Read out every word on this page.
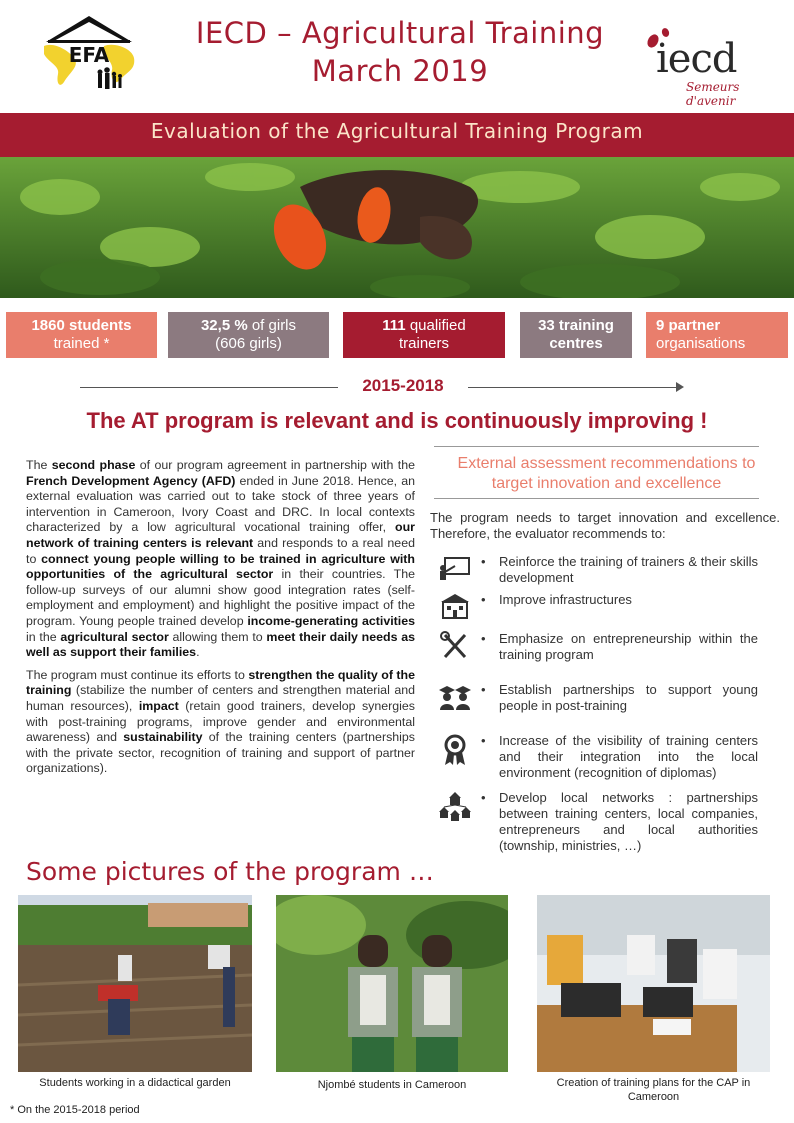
EFA
IECD – Agricultural Training
March 2019	iecd
Semeurs d'avenir
Evaluation of the Agricultural Training Program
1860 students
trained *
32,5 % of girls
(606 girls)
111 qualified
trainers
33 training
centres
9 partner
organisations
2015-2018
The AT program is relevant and is continuously improving !

The second phase of our program agreement in partnership with the French Development Agency (AFD) ended in June 2018. Hence, an external evaluation was carried out to take stock of three years of intervention in Cameroon, Ivory Coast and DRC. In local contexts characterized by a low agricultural vocational training offer, our network of training centers is relevant and responds to a real need to connect young people willing to be trained in agriculture with opportunities of the agricultural sector in their countries. The follow-up surveys of our alumni show good integration rates (self-employment and employment) and highlight the positive impact of the program. Young people trained develop income-generating activities in the agricultural sector allowing them to meet their daily needs as well as support their families.

The program must continue its efforts to strengthen the quality of the training (stabilize the number of centers and strengthen material and human resources), impact (retain good trainers, develop synergies with post-training programs, improve gender and environmental awareness) and sustainability of the training centers (partnerships with the private sector, recognition of training and support of partner organizations).

External assessment recommendations to
target innovation and excellence
The program needs to target innovation and excellence. Therefore, the evaluator recommends to:
• Reinforce the training of trainers & their skills development
• Improve infrastructures
• Emphasize on entrepreneurship within the training program
• Establish partnerships to support young people in post-training
• Increase of the visibility of training centers and their integration into the local environment (recognition of diplomas)
• Develop local networks : partnerships between training centers, local companies, entrepreneurs and local authorities (township, ministries, …)
Some pictures of the program …
Students working in a didactical garden	Njombé students in Cameroon	Creation of training plans for the CAP in Cameroon
* On the 2015-2018 period
